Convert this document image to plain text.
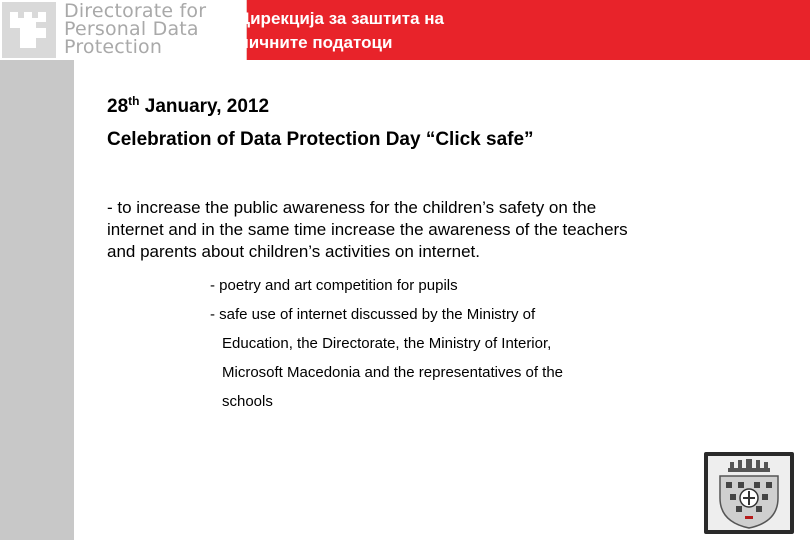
Directorate for
Personal Data
Protection
Дирекција за заштита на
личните податоци
28th January, 2012
Celebration of Data Protection Day “Click safe”
- to increase the public awareness for the children’s safety on the
internet and in the same time increase the awareness of the teachers
and parents about children’s activities on internet.
- poetry and art competition for pupils
- safe use of internet discussed by the Ministry of
Education, the Directorate, the Ministry of Interior,
Microsoft Macedonia and the representatives of the
schools
